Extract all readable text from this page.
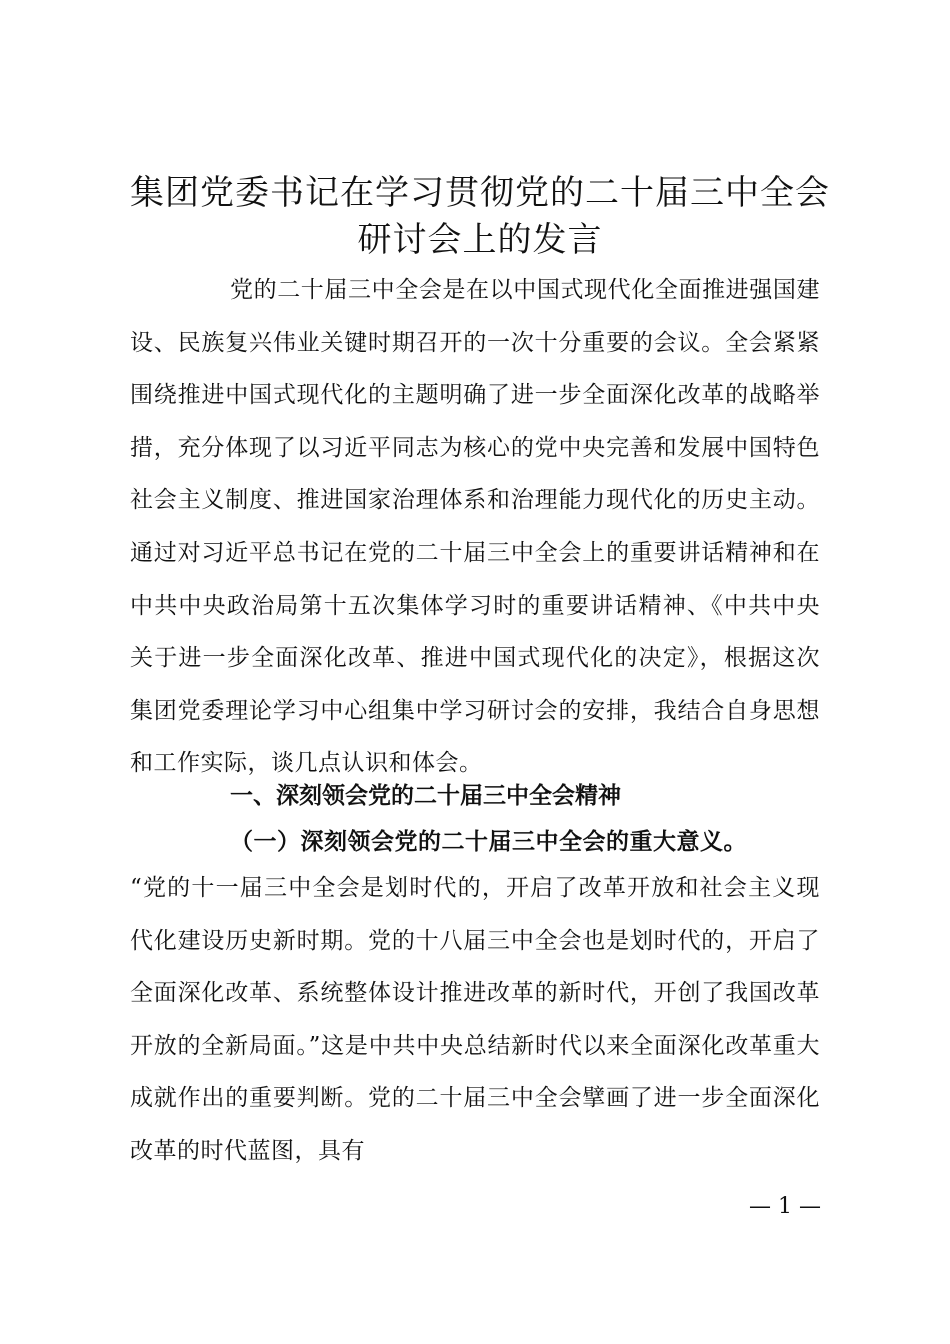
集团党委书记在学习贯彻党的二十届三中全会
研讨会上的发言

党的二十届三中全会是在以中国式现代化全面推进强国建设、民族复兴伟业关键时期召开的一次十分重要的会议。全会紧紧围绕推进中国式现代化的主题明确了进一步全面深化改革的战略举措，充分体现了以习近平同志为核心的党中央完善和发展中国特色社会主义制度、推进国家治理体系和治理能力现代化的历史主动。通过对习近平总书记在党的二十届三中全会上的重要讲话精神和在中共中央政治局第十五次集体学习时的重要讲话精神、《中共中央关于进一步全面深化改革、推进中国式现代化的决定》，根据这次集团党委理论学习中心组集中学习研讨会的安排，我结合自身思想和工作实际，谈几点认识和体会。

一、深刻领会党的二十届三中全会精神
（一）深刻领会党的二十届三中全会的重大意义。

“党的十一届三中全会是划时代的，开启了改革开放和社会主义现代化建设历史新时期。党的十八届三中全会也是划时代的，开启了全面深化改革、系统整体设计推进改革的新时代，开创了我国改革开放的全新局面。”这是中共中央总结新时代以来全面深化改革重大成就作出的重要判断。党的二十届三中全会擘画了进一步全面深化改革的时代蓝图，具有

— 1 —
